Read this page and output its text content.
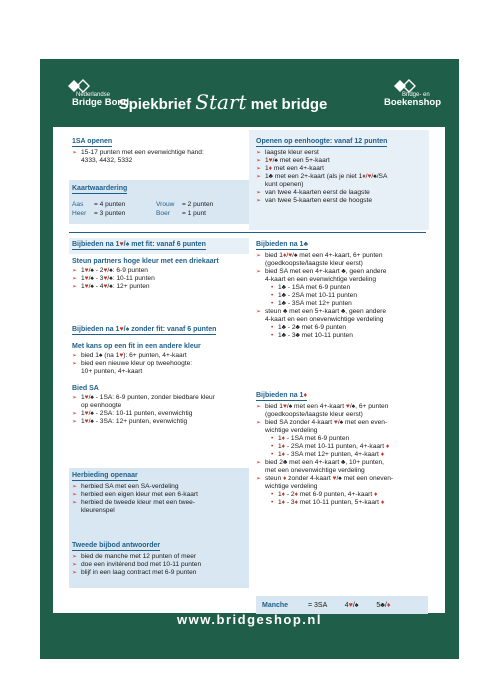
Nederlandse
Bridge Bond
Spiekbrief Start met bridge
Bridge- en
Boekenshop
1SA openen
➢ 15-17 punten met een evenwichtige hand:
4333, 4432, 5332
Kaartwaardering
Aas = 4 punten	Vrouw = 2 punten
Heer = 3 punten	Boer = 1 punt
Openen op eenhoogte: vanaf 12 punten
➢ laagste kleur eerst
➢ 1♥/♠ met een 5+-kaart
➢ 1♦ met een 4+-kaart
➢ 1♣ met een 2+-kaart (als je niet 1♦/♥/♠/SA
kunt openen)
➢ van twee 4-kaarten eerst de laagste
➢ van twee 5-kaarten eerst de hoogste
Bijbieden na 1♥/♠ met fit: vanaf 6 punten
Steun partners hoge kleur met een driekaart
➢ 1♥/♠ - 2♥/♠: 6-9 punten
➢ 1♥/♠ - 3♥/♠: 10-11 punten
➢ 1♥/♠ - 4♥/♠: 12+ punten
Bijbieden na 1♥/♠ zonder fit: vanaf 6 punten
Met kans op een fit in een andere kleur
➢ bied 1♠ (na 1♥): 6+ punten, 4+-kaart
➢ bied een nieuwe kleur op tweehoogte:
10+ punten, 4+-kaart
Bied SA
➢ 1♥/♠ - 1SA: 6-9 punten, zonder biedbare kleur
op eenhoogte
➢ 1♥/♠ - 2SA: 10-11 punten, evenwichtig
➢ 1♥/♠ - 3SA: 12+ punten, evenwichtig
Herbieding openaar
➢ herbied SA met een SA-verdeling
➢ herbied een eigen kleur met een 6-kaart
➢ herbied de tweede kleur met een twee-
kleurenspel
Tweede bijbod antwoorder
➢ bied de manche met 12 punten of meer
➢ doe een invitérend bod met 10-11 punten
➢ blijf in een laag contract met 6-9 punten
Bijbieden na 1♣
➢ bied 1♦/♥/♠ met een 4+-kaart, 6+ punten
(goedkoopste/laagste kleur eerst)
➢ bied SA met een 4+-kaart ♣, geen andere
4-kaart en een evenwichtige verdeling
• 1♣ - 1SA met 6-9 punten
• 1♣ - 2SA met 10-11 punten
• 1♣ - 3SA met 12+ punten
➢ steun ♣ met een 5+-kaart ♣, geen andere
4-kaart en een onevenwichtige verdeling
• 1♣ - 2♣ met 6-9 punten
• 1♣ - 3♣ met 10-11 punten
Bijbieden na 1♦
➢ bied 1♥/♠ met een 4+-kaart ♥/♠, 6+ punten
(goedkoopste/laagste kleur eerst)
➢ bied SA zonder 4-kaart ♥/♠ met een even-
wichtige verdeling
• 1♦ - 1SA met 6-9 punten
• 1♦ - 2SA met 10-11 punten, 4+-kaart ♦
• 1♦ - 3SA met 12+ punten, 4+-kaart ♦
➢ bied 2♣ met een 4+-kaart ♣, 10+ punten,
met een onevenwichtige verdeling
➢ steun ♦ zonder 4-kaart ♥/♠ met een oneven-
wichtige verdeling
• 1♦ - 2♦ met 6-9 punten, 4+-kaart ♦
• 1♦ - 3♦ met 10-11 punten, 5+-kaart ♦
Manche	= 3SA	4♥/♠	5♣/♦
www.bridgeshop.nl
